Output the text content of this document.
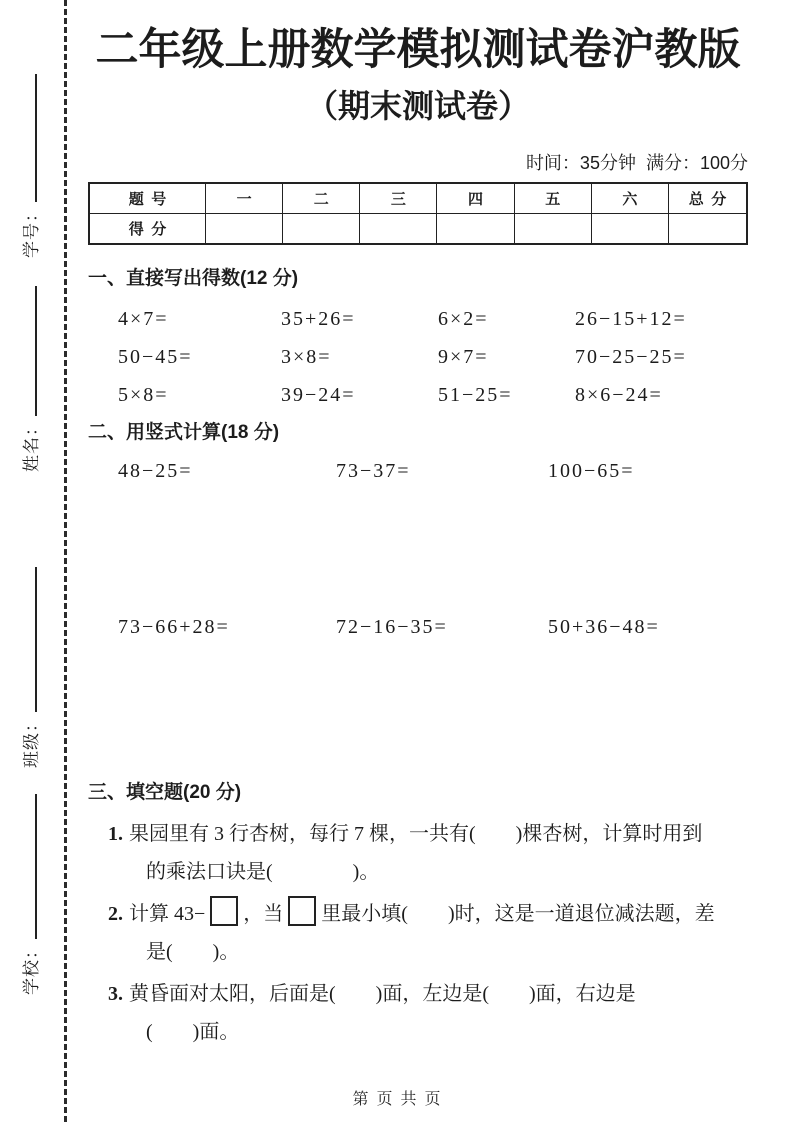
学号：
姓名：
班级：
学校：
二年级上册数学模拟测试卷沪教版
（期末测试卷）
时间：35分钟  满分：100分
题  号	一	二	三	四	五	六	总  分
得  分							
一、直接写出得数(12 分)
4×7=	35+26=	6×2=	26−15+12=
50−45=	3×8=	9×7=	70−25−25=
5×8=	39−24=	51−25=	8×6−24=
二、用竖式计算(18 分)
48−25=	73−37=	100−65=
73−66+28=	72−16−35=	50+36−48=
三、填空题(20 分)
1. 果园里有 3 行杏树，每行 7 棵，一共有(        )棵杏树，计算时用到
的乘法口诀是(                )。
2. 计算 43− ，当 里最小填(        )时，这是一道退位减法题，差
是(        )。
3. 黄昏面对太阳，后面是(        )面，左边是(        )面，右边是
(        )面。
第  页  共  页
